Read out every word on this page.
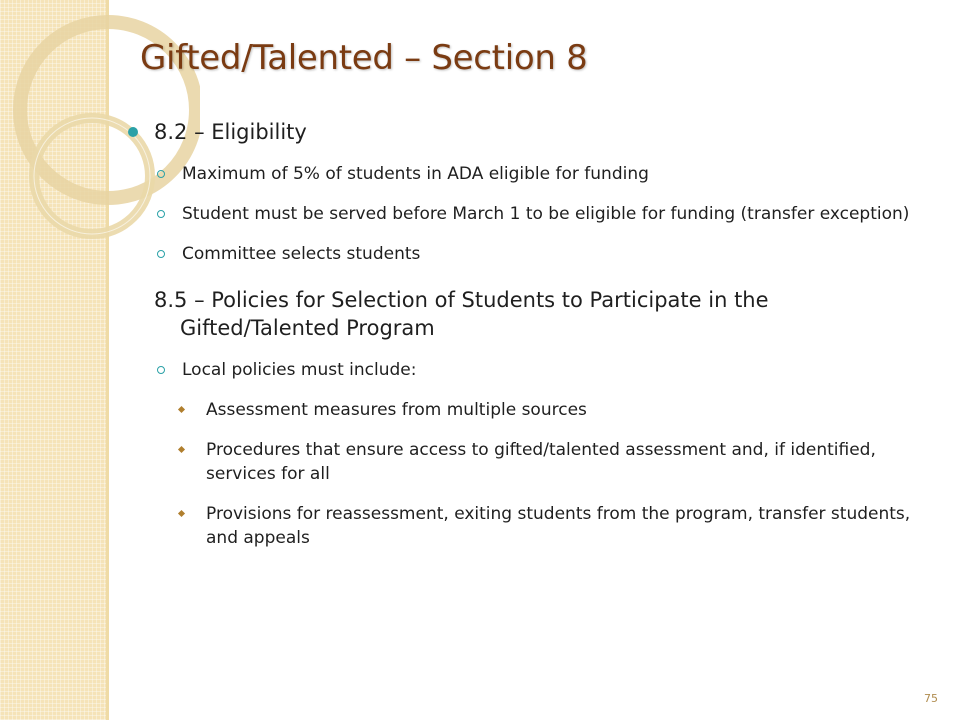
Gifted/Talented – Section 8
8.2 – Eligibility
Maximum of 5% of students in ADA eligible for funding
Student must be served before March 1 to be eligible for funding (transfer exception)
Committee selects students
8.5 – Policies for Selection of Students to Participate in the Gifted/Talented Program
Local policies must include:
Assessment measures from multiple sources
Procedures that ensure access to gifted/talented assessment and, if identified, services for all
Provisions for reassessment, exiting students from the program, transfer students, and appeals
75
